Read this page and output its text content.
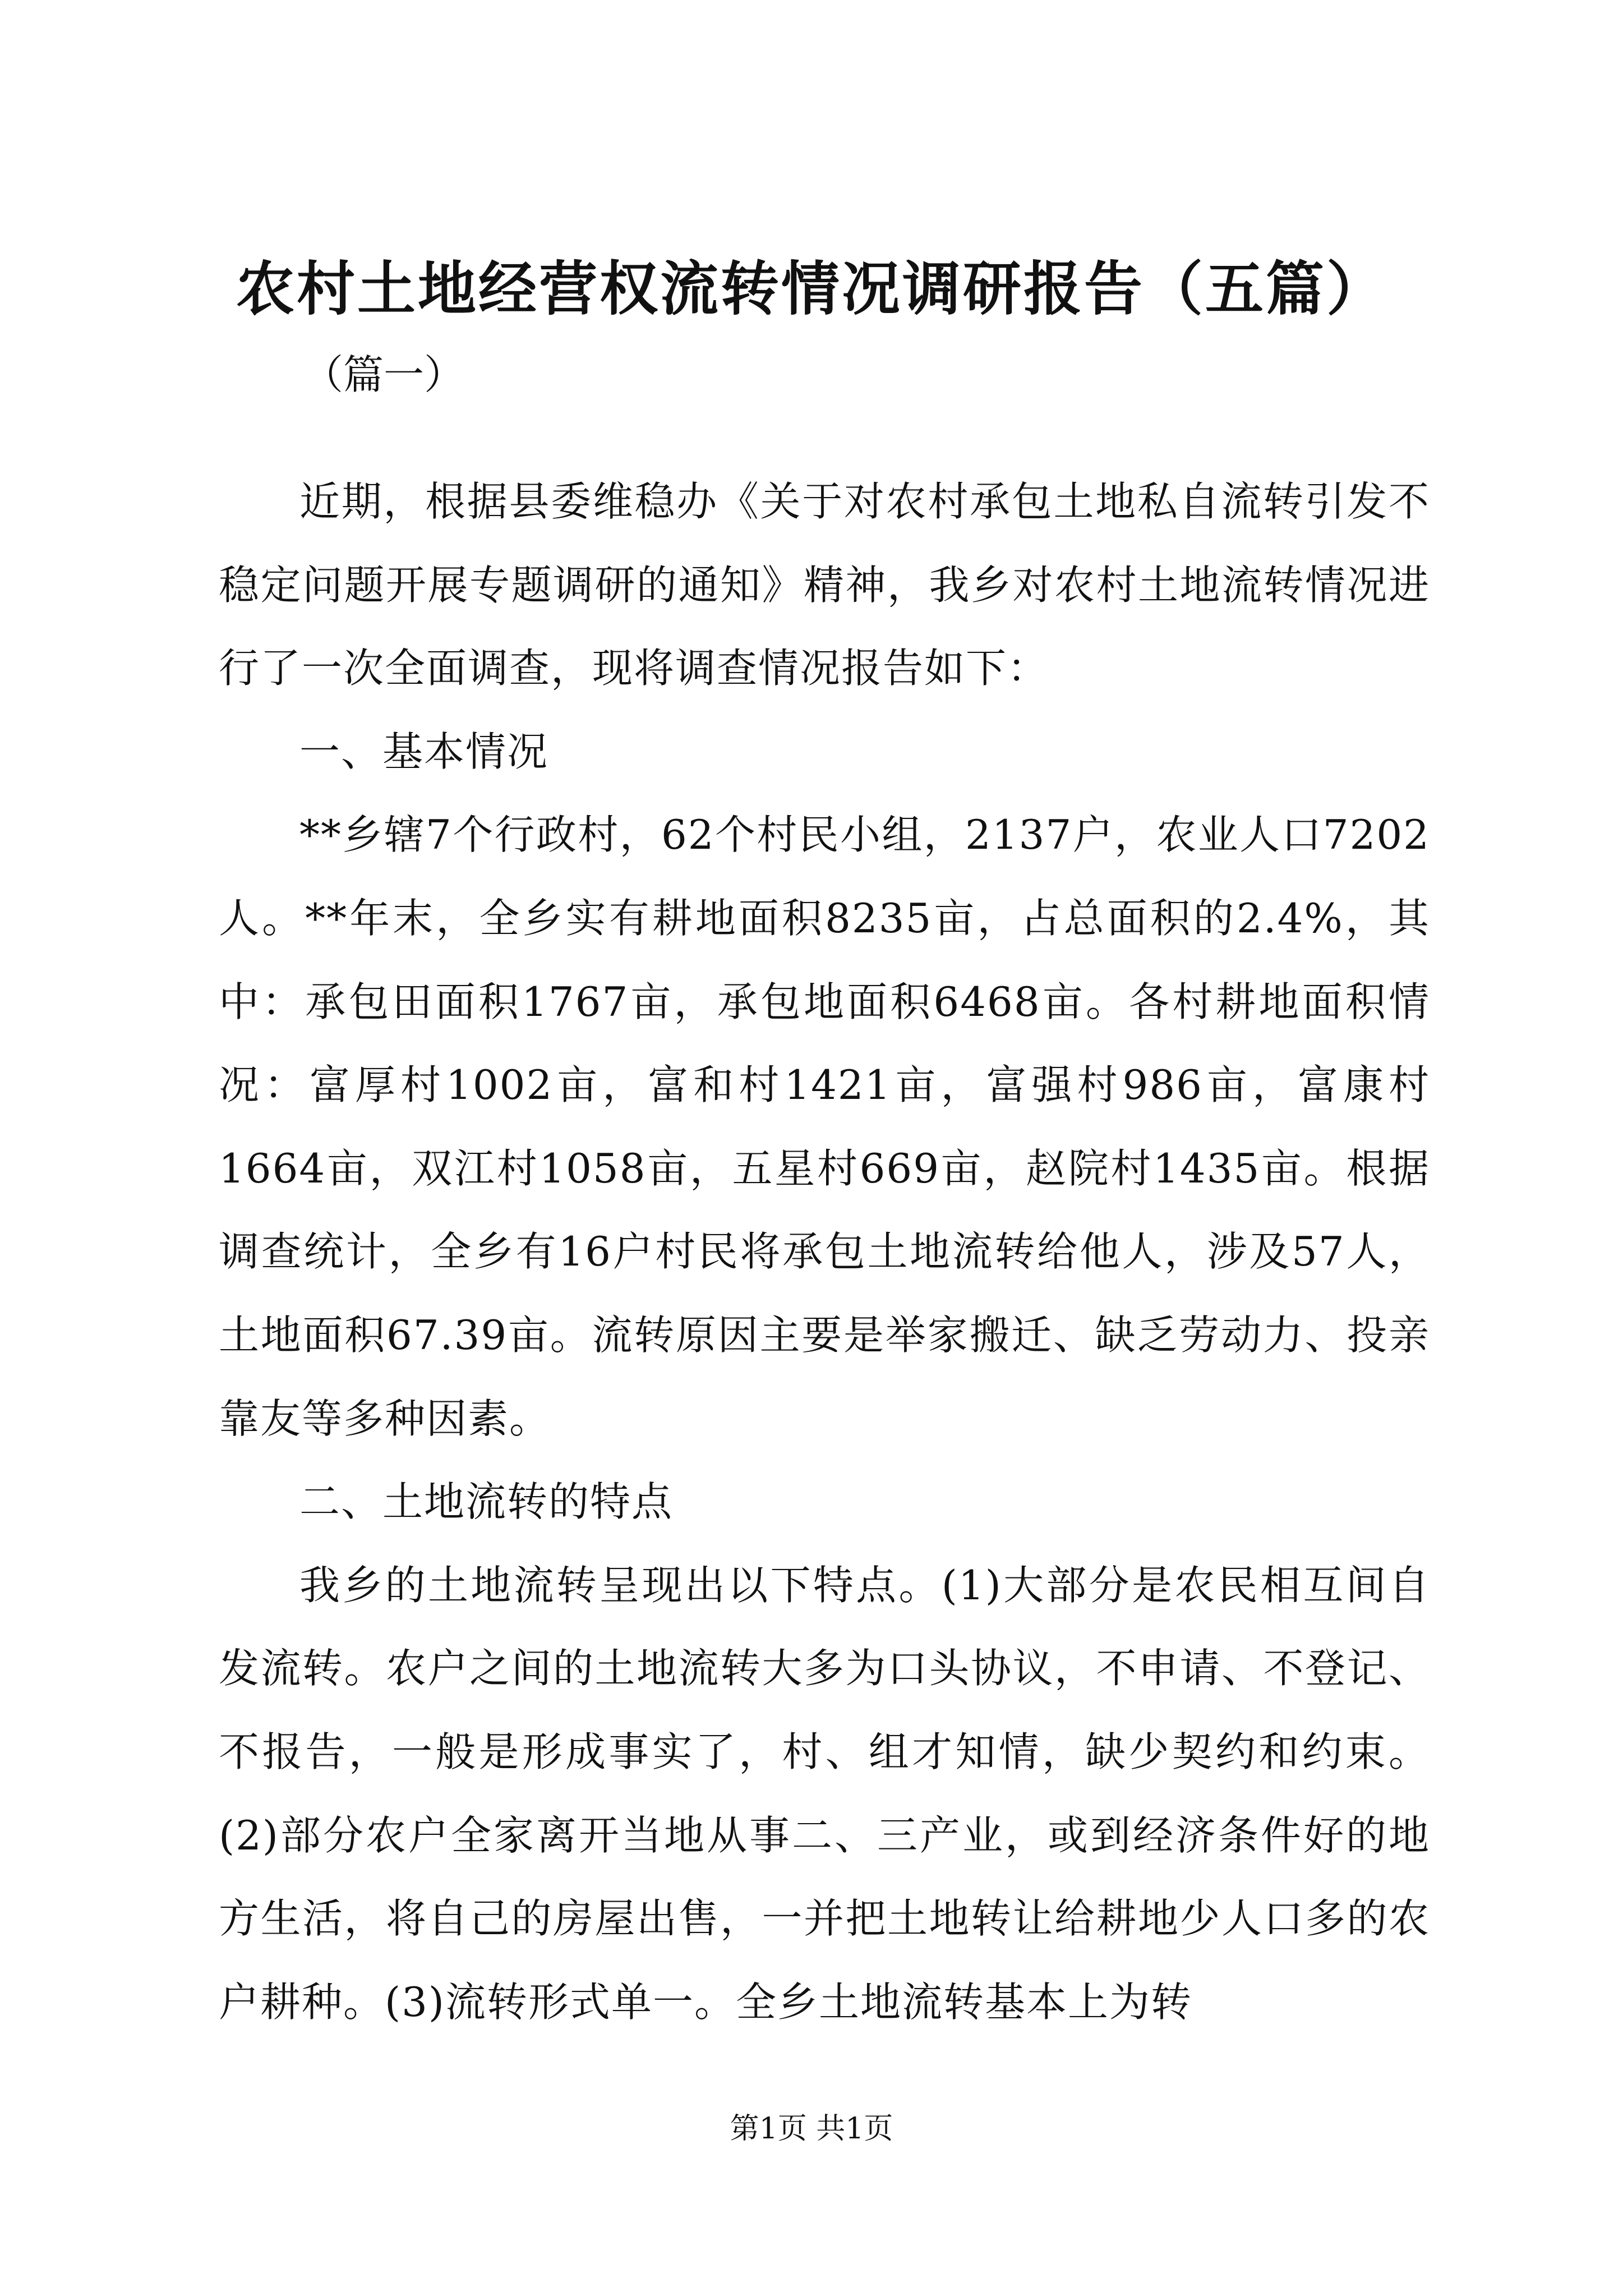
农村土地经营权流转情况调研报告（五篇）
（篇一）

近期，根据县委维稳办《关于对农村承包土地私自流转引发不稳定问题开展专题调研的通知》精神，我乡对农村土地流转情况进行了一次全面调查，现将调查情况报告如下：

一、基本情况

**乡辖7个行政村，62个村民小组，2137户，农业人口7202人。**年末，全乡实有耕地面积8235亩，占总面积的2.4%，其中：承包田面积1767亩，承包地面积6468亩。各村耕地面积情况：富厚村1002亩，富和村1421亩，富强村986亩，富康村1664亩，双江村1058亩，五星村669亩，赵院村1435亩。根据调查统计，全乡有16户村民将承包土地流转给他人，涉及57人，土地面积67.39亩。流转原因主要是举家搬迁、缺乏劳动力、投亲靠友等多种因素。

二、土地流转的特点

我乡的土地流转呈现出以下特点。(1)大部分是农民相互间自发流转。农户之间的土地流转大多为口头协议，不申请、不登记、不报告，一般是形成事实了，村、组才知情，缺少契约和约束。(2)部分农户全家离开当地从事二、三产业，或到经济条件好的地方生活，将自己的房屋出售，一并把土地转让给耕地少人口多的农户耕种。(3)流转形式单一。全乡土地流转基本上为转

第1页 共1页
